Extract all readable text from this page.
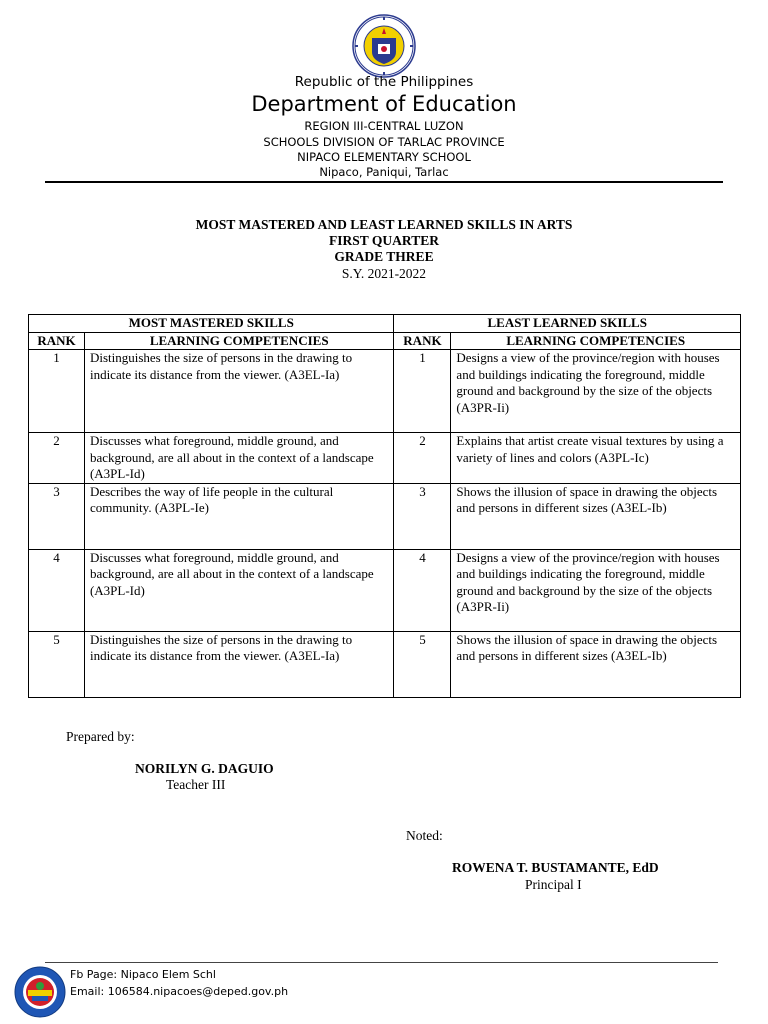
Republic of the Philippines
Department of Education
REGION III-CENTRAL LUZON
SCHOOLS DIVISION OF TARLAC PROVINCE
NIPACO ELEMENTARY SCHOOL
Nipaco, Paniqui, Tarlac
MOST MASTERED AND LEAST LEARNED SKILLS IN ARTS
FIRST QUARTER
GRADE THREE
S.Y. 2021-2022
MOST MASTERED SKILLS		LEAST LEARNED SKILLS	
RANK	LEARNING COMPETENCIES	RANK	LEARNING COMPETENCIES
1	Distinguishes the size of persons in the drawing to indicate its distance from the viewer. (A3EL-Ia)	1	Designs a view of the province/region with houses and buildings indicating the foreground, middle ground and background by the size of the objects (A3PR-Ii)
2	Discusses what foreground, middle ground, and background, are all about in the context of a landscape (A3PL-Id)	2	Explains that artist create visual textures by using a variety of lines and colors (A3PL-Ic)
3	Describes the way of life people in the cultural community. (A3PL-Ie)	3	Shows the illusion of space in drawing the objects and persons in different sizes (A3EL-Ib)
4	Discusses what foreground, middle ground, and background, are all about in the context of a landscape (A3PL-Id)	4	Designs a view of the province/region with houses and buildings indicating the foreground, middle ground and background by the size of the objects (A3PR-Ii)
5	Distinguishes the size of persons in the drawing to indicate its distance from the viewer. (A3EL-Ia)	5	Shows the illusion of space in drawing the objects and persons in different sizes (A3EL-Ib)
Prepared by:
NORILYN G. DAGUIO
Teacher III
Noted:
ROWENA T. BUSTAMANTE, EdD
Principal I
Fb Page: Nipaco Elem Schl
Email: 106584.nipacoes@deped.gov.ph
